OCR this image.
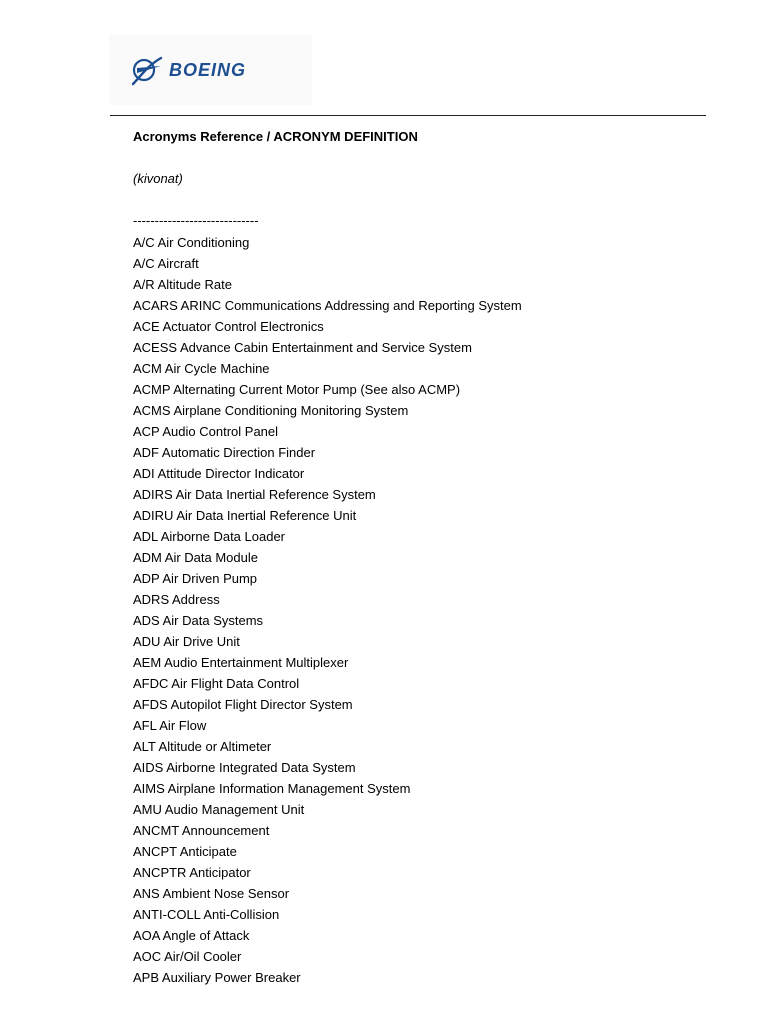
BOEING
Acronyms Reference / ACRONYM DEFINITION
(kivonat)
-----------------------------
A/C Air Conditioning
A/C Aircraft
A/R Altitude Rate
ACARS ARINC Communications Addressing and Reporting System
ACE Actuator Control Electronics
ACESS Advance Cabin Entertainment and Service System
ACM Air Cycle Machine
ACMP Alternating Current Motor Pump (See also ACMP)
ACMS Airplane Conditioning Monitoring System
ACP Audio Control Panel
ADF Automatic Direction Finder
ADI Attitude Director Indicator
ADIRS Air Data Inertial Reference System
ADIRU Air Data Inertial Reference Unit
ADL Airborne Data Loader
ADM Air Data Module
ADP Air Driven Pump
ADRS Address
ADS Air Data Systems
ADU Air Drive Unit
AEM Audio Entertainment Multiplexer
AFDC Air Flight Data Control
AFDS Autopilot Flight Director System
AFL Air Flow
ALT Altitude or Altimeter
AIDS Airborne Integrated Data System
AIMS Airplane Information Management System
AMU Audio Management Unit
ANCMT Announcement
ANCPT Anticipate
ANCPTR Anticipator
ANS Ambient Nose Sensor
ANTI-COLL Anti-Collision
AOA Angle of Attack
AOC Air/Oil Cooler
APB Auxiliary Power Breaker
